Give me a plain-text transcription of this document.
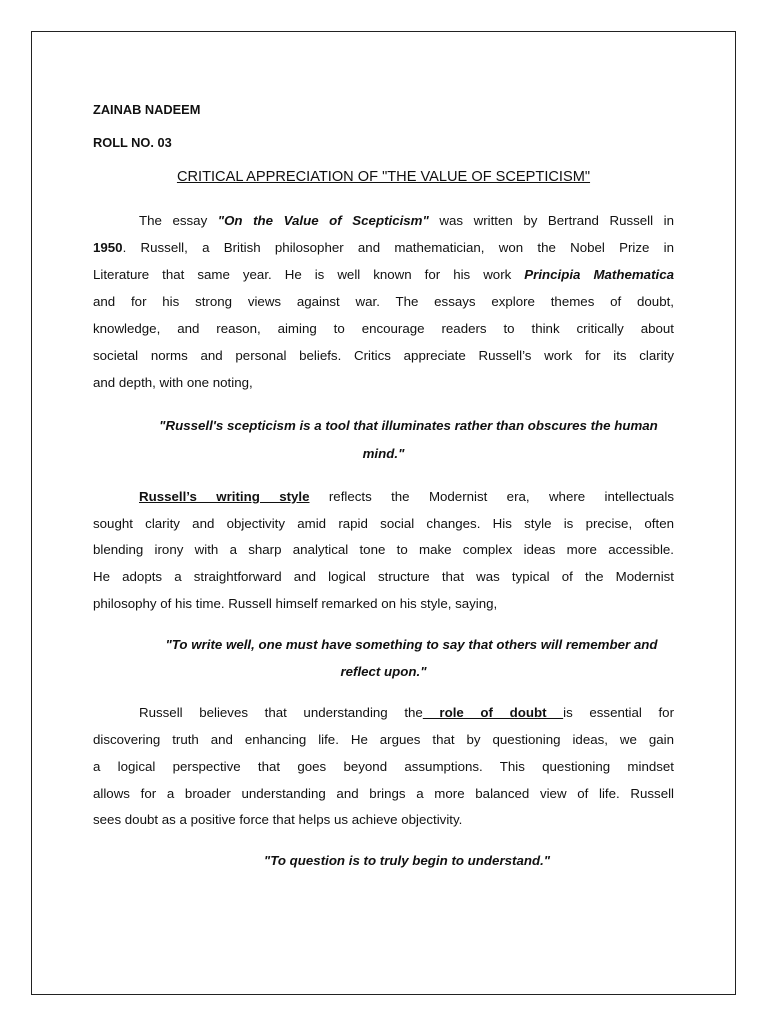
ZAINAB NADEEM
ROLL NO. 03
CRITICAL APPRECIATION OF "THE VALUE OF SCEPTICISM"
The essay "On the Value of Scepticism" was written by Bertrand Russell in
1950. Russell, a British philosopher and mathematician, won the Nobel Prize in
Literature that same year. He is well known for his work Principia Mathematica
and for his strong views against war. The essays explore themes of doubt,
knowledge, and reason, aiming to encourage readers to think critically about
societal norms and personal beliefs. Critics appreciate Russell’s work for its clarity
and depth, with one noting,
"Russell's scepticism is a tool that illuminates rather than obscures the human
mind."
Russell’s writing style reflects the Modernist era, where intellectuals
sought clarity and objectivity amid rapid social changes. His style is precise, often
blending irony with a sharp analytical tone to make complex ideas more accessible.
He adopts a straightforward and logical structure that was typical of the Modernist
philosophy of his time. Russell himself remarked on his style, saying,
"To write well, one must have something to say that others will remember and
reflect upon."
Russell believes that understanding the role of doubt is essential for
discovering truth and enhancing life. He argues that by questioning ideas, we gain
a logical perspective that goes beyond assumptions. This questioning mindset
allows for a broader understanding and brings a more balanced view of life. Russell
sees doubt as a positive force that helps us achieve objectivity.
"To question is to truly begin to understand."
